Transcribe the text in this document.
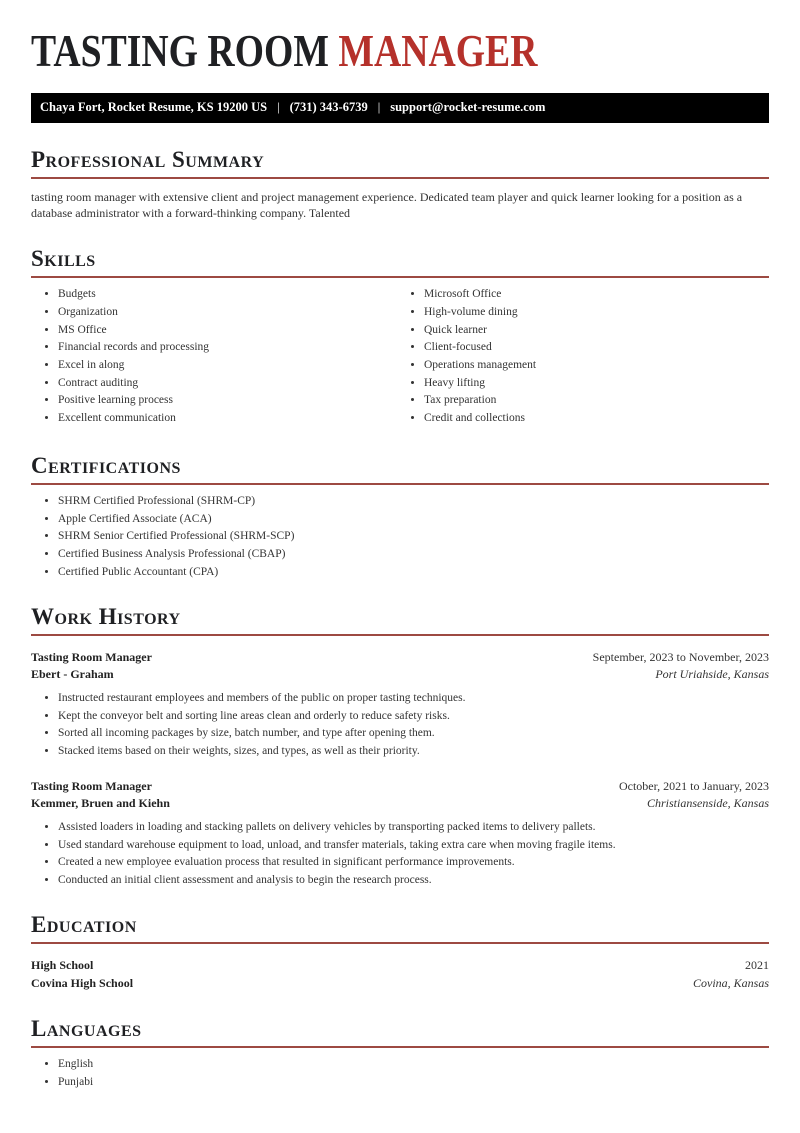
TASTING ROOM MANAGER
Chaya Fort, Rocket Resume, KS 19200 US | (731) 343-6739 | support@rocket-resume.com
Professional Summary

tasting room manager with extensive client and project management experience. Dedicated team player and quick learner looking for a position as a database administrator with a forward-thinking company. Talented

Skills
• Budgets
• Organization
• MS Office
• Financial records and processing
• Excel in along
• Contract auditing
• Positive learning process
• Excellent communication
• Microsoft Office
• High-volume dining
• Quick learner
• Client-focused
• Operations management
• Heavy lifting
• Tax preparation
• Credit and collections
Certifications
• SHRM Certified Professional (SHRM-CP)
• Apple Certified Associate (ACA)
• SHRM Senior Certified Professional (SHRM-SCP)
• Certified Business Analysis Professional (CBAP)
• Certified Public Accountant (CPA)
Work History
Tasting Room Manager	September, 2023 to November, 2023
Ebert - Graham	Port Uriahside, Kansas
• Instructed restaurant employees and members of the public on proper tasting techniques.
• Kept the conveyor belt and sorting line areas clean and orderly to reduce safety risks.
• Sorted all incoming packages by size, batch number, and type after opening them.
• Stacked items based on their weights, sizes, and types, as well as their priority.
Tasting Room Manager	October, 2021 to January, 2023
Kemmer, Bruen and Kiehn	Christiansenside, Kansas
• Assisted loaders in loading and stacking pallets on delivery vehicles by transporting packed items to delivery pallets.
• Used standard warehouse equipment to load, unload, and transfer materials, taking extra care when moving fragile items.
• Created a new employee evaluation process that resulted in significant performance improvements.
• Conducted an initial client assessment and analysis to begin the research process.
Education
High School	2021
Covina High School	Covina, Kansas
Languages
• English
• Punjabi
